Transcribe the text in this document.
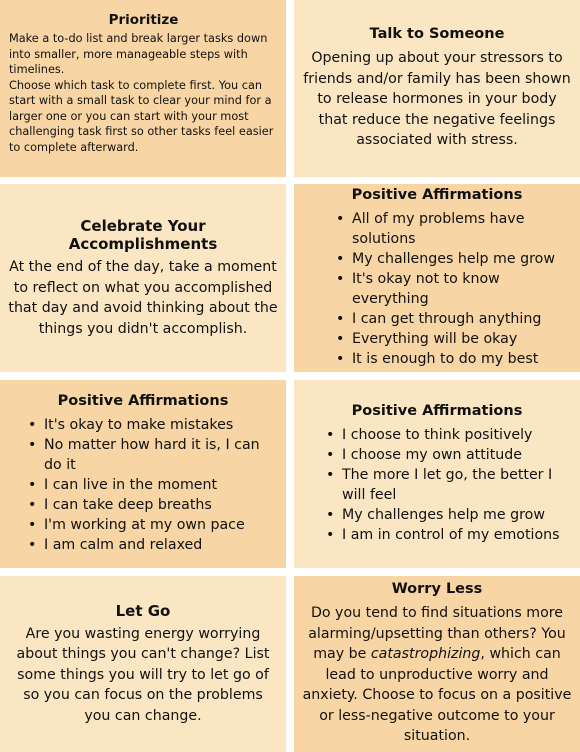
Prioritize

Make a to-do list and break larger tasks down into smaller, more manageable steps with timelines.

Choose which task to complete first. You can start with a small task to clear your mind for a larger one or you can start with your most challenging task first so other tasks feel easier to complete afterward.

Talk to Someone

Opening up about your stressors to friends and/or family has been shown to release hormones in your body that reduce the negative feelings associated with stress.

Celebrate Your Accomplishments

At the end of the day, take a moment to reflect on what you accomplished that day and avoid thinking about the things you didn't accomplish.

Positive Affirmations
• All of my problems have solutions
• My challenges help me grow
• It's okay not to know everything
• I can get through anything
• Everything will be okay
• It is enough to do my best
Positive Affirmations
• It's okay to make mistakes
• No matter how hard it is, I can do it
• I can live in the moment
• I can take deep breaths
• I'm working at my own pace
• I am calm and relaxed
Positive Affirmations
• I choose to think positively
• I choose my own attitude
• The more I let go, the better I will feel
• My challenges help me grow
• I am in control of my emotions
Let Go

Are you wasting energy worrying about things you can't change? List some things you will try to let go of so you can focus on the problems you can change.

Worry Less

Do you tend to find situations more alarming/upsetting than others? You may be catastrophizing, which can lead to unproductive worry and anxiety. Choose to focus on a positive or less-negative outcome to your situation.
